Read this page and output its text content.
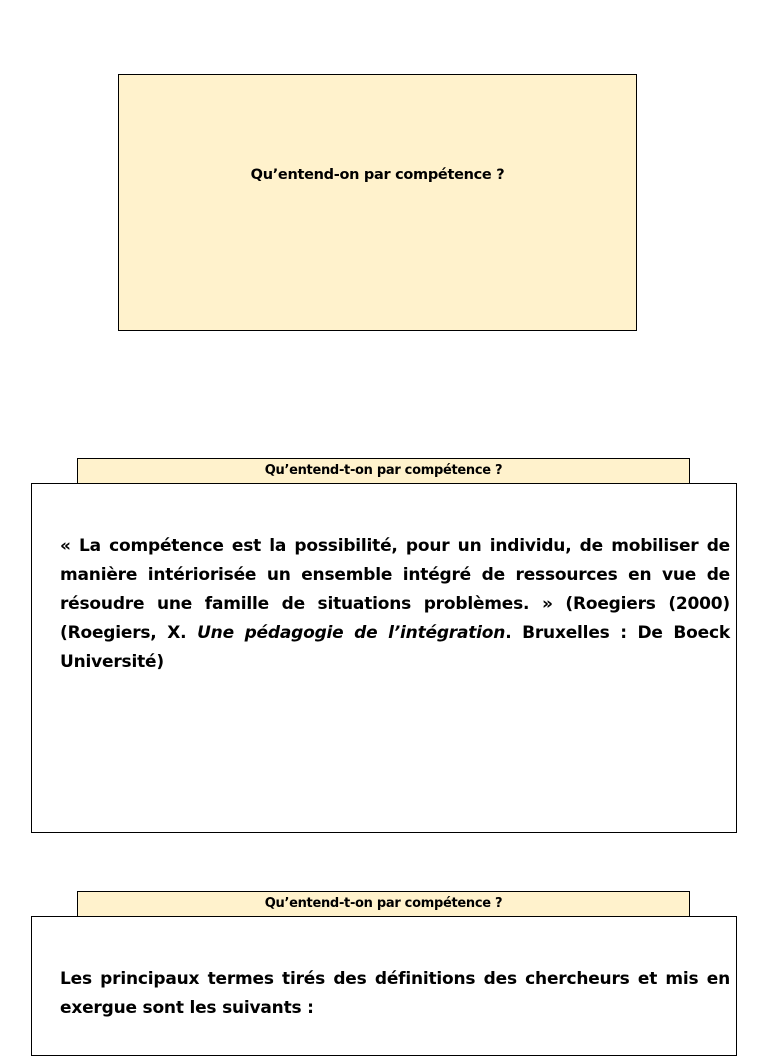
Qu’entend-on par compétence ?
Qu’entend-t-on par compétence ?
« La compétence est la possibilité, pour un individu, de mobiliser de manière intériorisée un ensemble intégré de ressources en vue de résoudre une famille de situations problèmes. » (Roegiers (2000) (Roegiers, X. Une pédagogie de l’intégration. Bruxelles : De Boeck Université)
Qu’entend-t-on par compétence ?
Les principaux termes tirés des définitions des chercheurs et mis en exergue sont les suivants :
